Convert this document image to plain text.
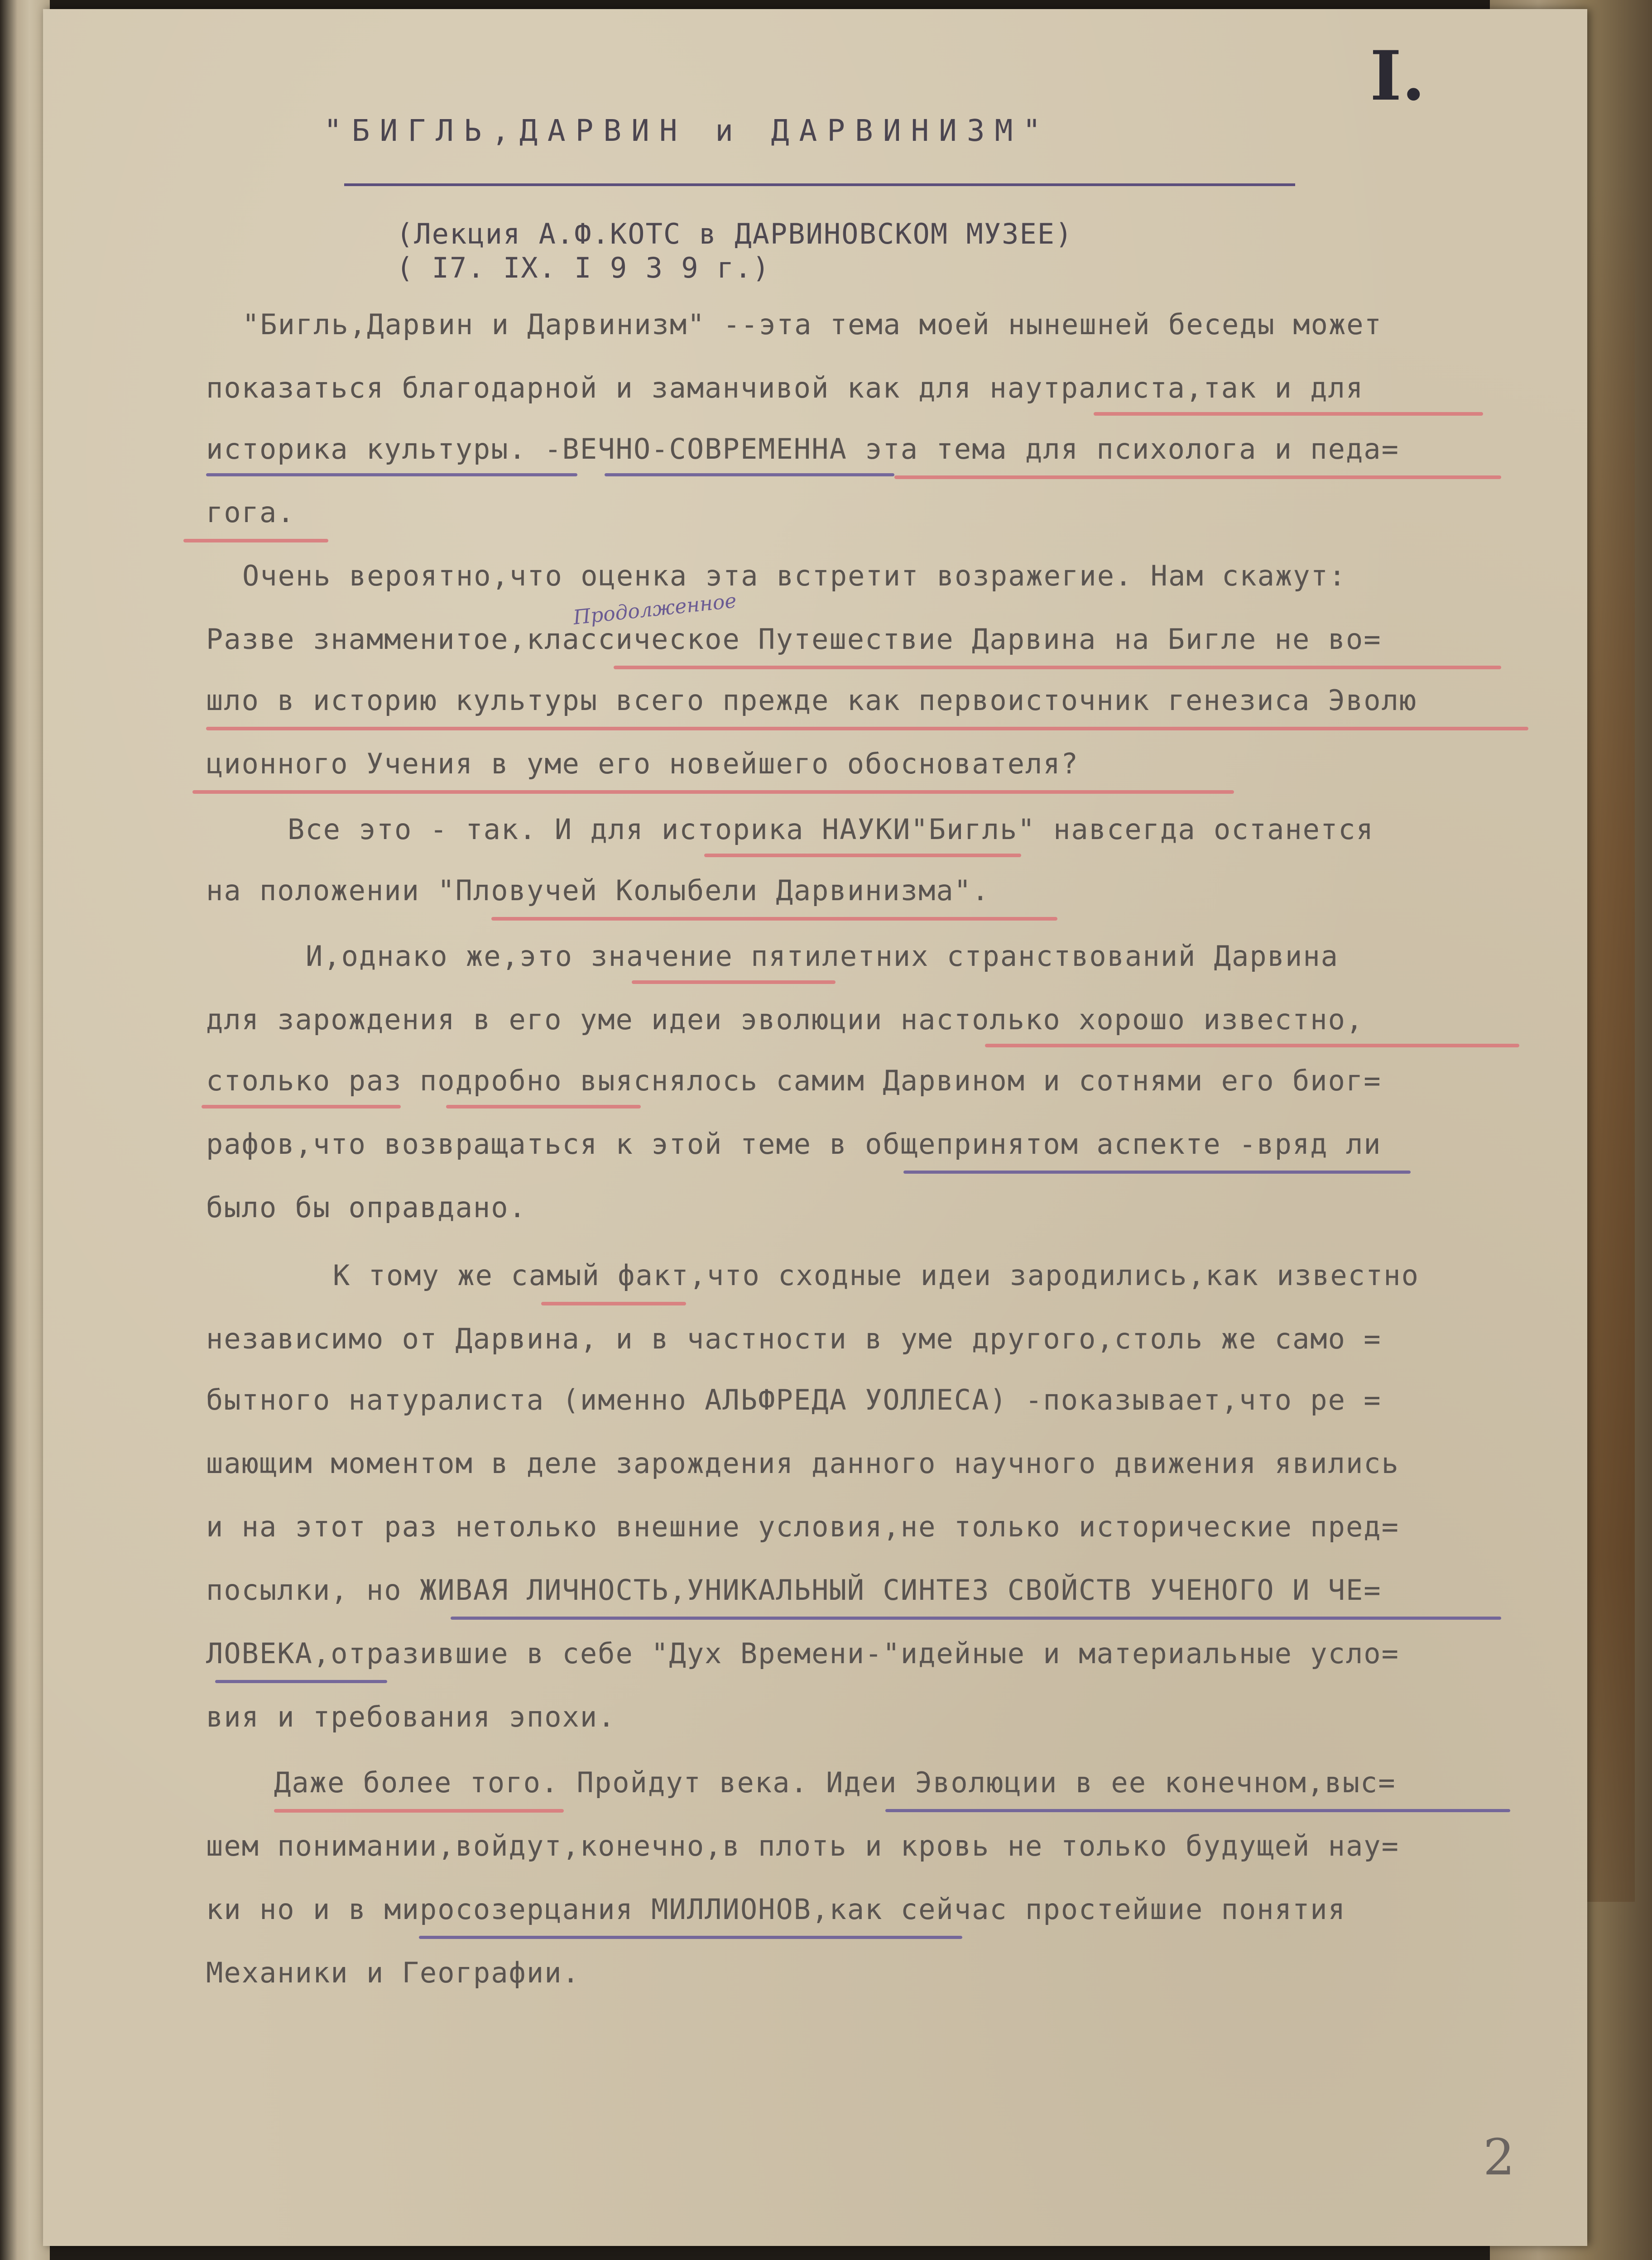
I.
"БИГЛЬ,ДАРВИН и ДАРВИНИЗМ"
(Лекция А.Ф.КОТС в ДАРВИНОВСКОМ МУЗЕЕ)
( I7. IX. I 9 3 9 г.)
Продолженное
"Бигль,Дарвин и Дарвинизм" --эта тема моей нынешней беседы может
показаться благодарной и заманчивой как для наутралиста,так и для
историка культуры. -ВЕЧНО-СОВРЕМЕННА эта темa для психолога и педа=
гога.
Очень вероятно,что оценка эта встретит возражегие. Нам скажут:
Разве знамменитое,классическое Путешествие Дарвина на Бигле не во=
шло в историю культуры всего прежде как первоисточник генезиса Эволю
ционного Учения в уме его новейшего обоснователя?
Все это - так. И для историка НАУКИ"Бигль" навсегда останется
на положении "Пловучей Колыбели Дарвинизма".
И,однако же,это значение пятилетних странствований Дарвина
для зарождения в его уме идеи эволюции настолько хорошо известно,
столько раз подробно выяснялось самим Дарвином и сотнями его биог=
рафов,что возвращаться к этой теме в общепринятом аспекте -вряд ли
было бы оправдано.
К тому же самый факт,что сходные идеи зародились,как известно
независимо от Дарвина, и в частности в уме другого,столь же само =
бытного натуралиста (именно АЛЬФРЕДА УОЛЛЕСА) -показывает,что ре =
шающим моментом в деле зарождения данного научного движения явились
и на этот раз нетолько внешние условия,не только историческиe пред=
посылки, но ЖИВАЯ ЛИЧНОСТЬ,УНИКАЛЬНЫЙ СИНТЕЗ СВОЙСТВ УЧЕНОГО И ЧЕ=
ЛОВЕКА,отразившие в себе "Дух Времени-"идейные и материальные усло=
вия и требования эпохи.
Даже более того. Пройдут века. Идеи Эволюции в ее конечном,выс=
шем понимании,войдут,конечно,в плоть и кровь не только будущей нау=
ки но и в миросозерцания МИЛЛИОНОВ,как сейчас простейшие понятия
Механики и Географии.
2
